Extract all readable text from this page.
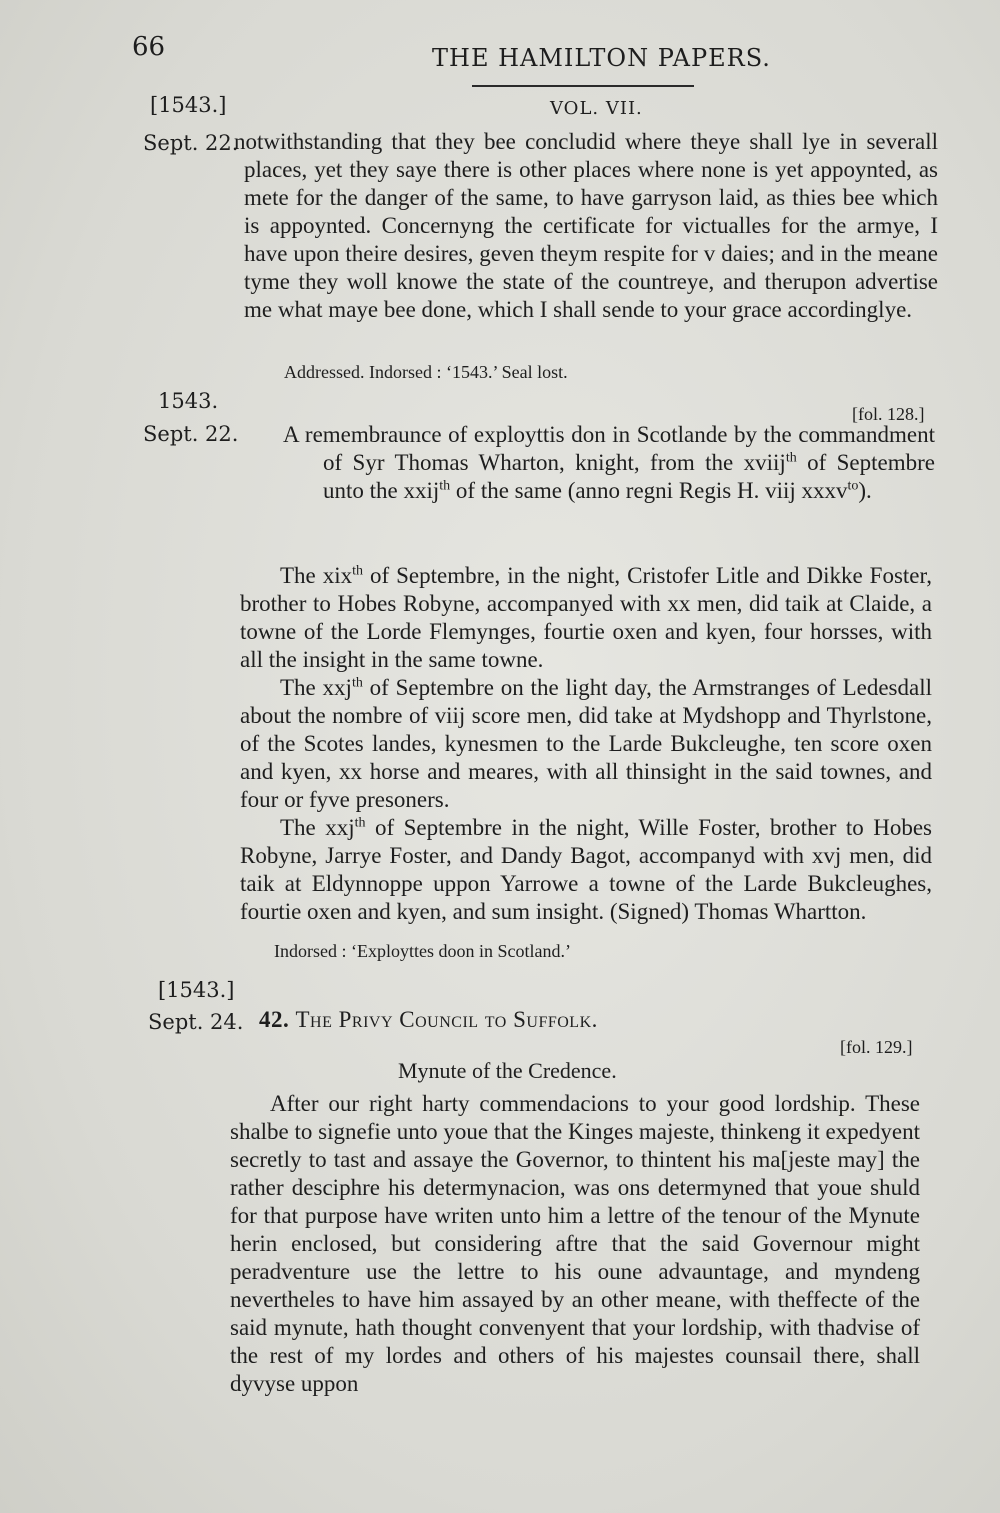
66	THE HAMILTON PAPERS.
VOL. VII.
[1543.]
Sept. 22.

notwithstanding that they bee concludid where theye shall lye in severall places, yet they saye there is other places where none is yet appoynted, as mete for the danger of the same, to have garryson laid, as thies bee which is appoynted. Concernyng the certificate for victualles for the armye, I have upon theire desires, geven theym respite for v daies; and in the meane tyme they woll knowe the state of the countreye, and therupon advertise me what maye bee done, which I shall sende to your grace accordinglye.

Addressed. Indorsed : ‘1543.’ Seal lost.
1543.
Sept. 22.
[fol. 128.]

A remembraunce of exployttis don in Scotlande by the commandment of Syr Thomas Wharton, knight, from the xviij$^{th}$ of Septembre unto the xxij$^{th}$ of the same (anno regni Regis H. viij xxxv$^{to}$).

The xix$^{th}$ of Septembre, in the night, Cristofer Litle and Dikke Foster, brother to Hobes Robyne, accompanyed with xx men, did taik at Claide, a towne of the Lorde Flemynges, fourtie oxen and kyen, four horsses, with all the insight in the same towne.

The xxj$^{th}$ of Septembre on the light day, the Armstranges of Ledesdall about the nombre of viij score men, did take at Mydshopp and Thyrlstone, of the Scotes landes, kynesmen to the Larde Bukcleughe, ten score oxen and kyen, xx horse and meares, with all thinsight in the said townes, and four or fyve presoners.

The xxj$^{th}$ of Septembre in the night, Wille Foster, brother to Hobes Robyne, Jarrye Foster, and Dandy Bagot, accompanyd with xvj men, did taik at Eldynnoppe uppon Yarrowe a towne of the Larde Bukcleughes, fourtie oxen and kyen, and sum insight. (Signed) Thomas Whartton.

Indorsed : ‘Exployttes doon in Scotland.’
[1543.]
Sept. 24. 42. The Privy Council to Suffolk.
[fol. 129.]
Mynute of the Credence.

After our right harty commendacions to your good lordship. These shalbe to signefie unto youe that the Kinges majeste, thinkeng it expedyent secretly to tast and assaye the Governor, to thintent his ma[jeste may] the rather desciphre his determynacion, was ons determyned that youe shuld for that purpose have writen unto him a lettre of the tenour of the Mynute herin enclosed, but considering aftre that the said Governour might peradventure use the lettre to his oune advauntage, and myndeng nevertheles to have him assayed by an other meane, with theffecte of the said mynute, hath thought convenyent that your lordship, with thadvise of the rest of my lordes and others of his majestes counsail there, shall dyvyse uppon
